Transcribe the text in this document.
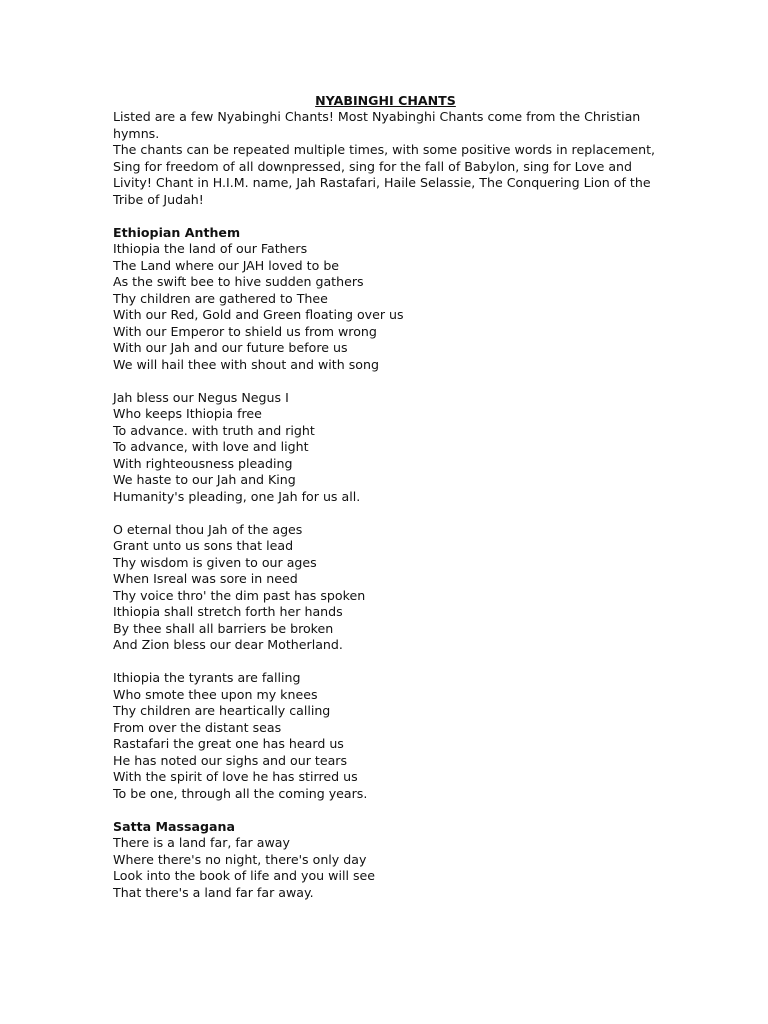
NYABINGHI CHANTS

Listed are a few Nyabinghi Chants! Most Nyabinghi Chants come from the Christian hymns.

The chants can be repeated multiple times, with some positive words in replacement, Sing for freedom of all downpressed, sing for the fall of Babylon, sing for Love and Livity! Chant in H.I.M. name, Jah Rastafari, Haile Selassie, The Conquering Lion of the Tribe of Judah!

Ethiopian Anthem
Ithiopia the land of our Fathers
The Land where our JAH loved to be
As the swift bee to hive sudden gathers
Thy children are gathered to Thee
With our Red, Gold and Green floating over us
With our Emperor to shield us from wrong
With our Jah and our future before us
We will hail thee with shout and with song
Jah bless our Negus Negus I
Who keeps Ithiopia free
To advance. with truth and right
To advance, with love and light
With righteousness pleading
We haste to our Jah and King
Humanity's pleading, one Jah for us all.
O eternal thou Jah of the ages
Grant unto us sons that lead
Thy wisdom is given to our ages
When Isreal was sore in need
Thy voice thro' the dim past has spoken
Ithiopia shall stretch forth her hands
By thee shall all barriers be broken
And Zion bless our dear Motherland.
Ithiopia the tyrants are falling
Who smote thee upon my knees
Thy children are heartically calling
From over the distant seas
Rastafari the great one has heard us
He has noted our sighs and our tears
With the spirit of love he has stirred us
To be one, through all the coming years.
Satta Massagana
There is a land far, far away
Where there's no night, there's only day
Look into the book of life and you will see
That there's a land far far away.
